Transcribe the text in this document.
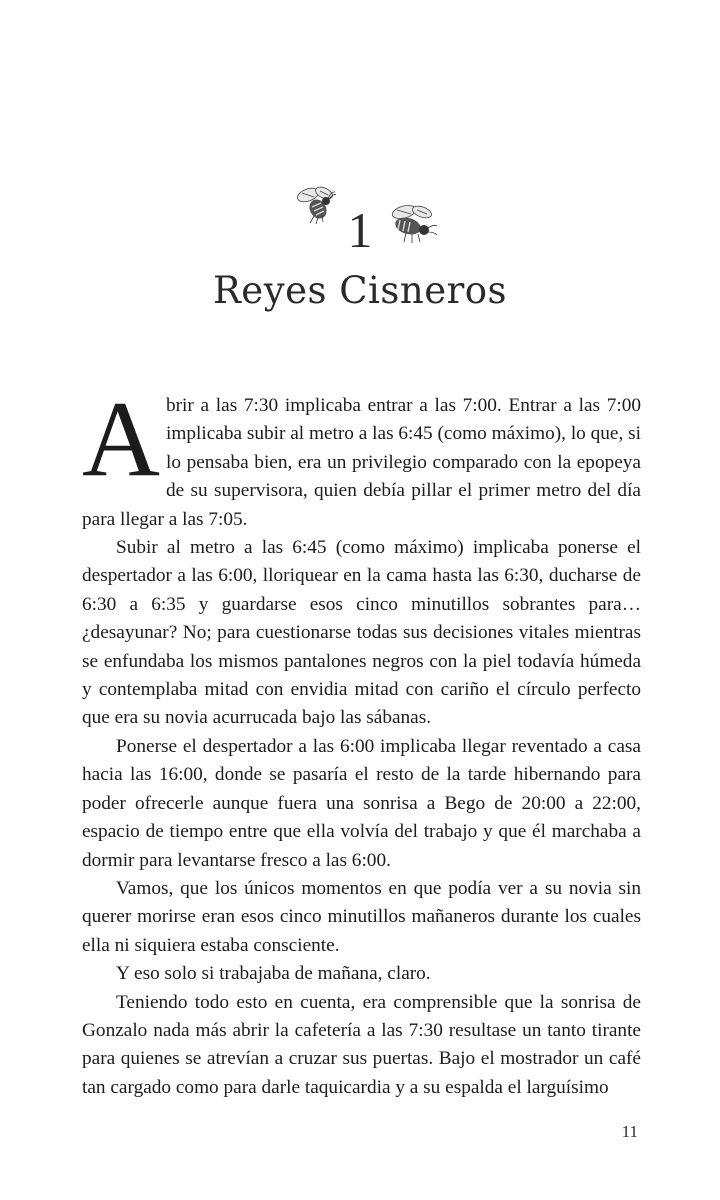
1
Reyes Cisneros

Abrir a las 7:30 implicaba entrar a las 7:00. Entrar a las 7:00 implicaba subir al metro a las 6:45 (como máximo), lo que, si lo pensaba bien, era un privilegio comparado con la epopeya de su supervisora, quien debía pillar el primer metro del día para llegar a las 7:05.

Subir al metro a las 6:45 (como máximo) implicaba ponerse el despertador a las 6:00, lloriquear en la cama hasta las 6:30, ducharse de 6:30 a 6:35 y guardarse esos cinco minutillos sobrantes para… ¿desayunar? No; para cuestionarse todas sus decisiones vitales mientras se enfundaba los mismos pantalones negros con la piel todavía húmeda y contemplaba mitad con envidia mitad con cariño el círculo perfecto que era su novia acurrucada bajo las sábanas.

Ponerse el despertador a las 6:00 implicaba llegar reventado a casa hacia las 16:00, donde se pasaría el resto de la tarde hibernando para poder ofrecerle aunque fuera una sonrisa a Bego de 20:00 a 22:00, espacio de tiempo entre que ella volvía del trabajo y que él marchaba a dormir para levantarse fresco a las 6:00.

Vamos, que los únicos momentos en que podía ver a su novia sin querer morirse eran esos cinco minutillos mañaneros durante los cuales ella ni siquiera estaba consciente.

Y eso solo si trabajaba de mañana, claro.

Teniendo todo esto en cuenta, era comprensible que la sonrisa de Gonzalo nada más abrir la cafetería a las 7:30 resultase un tanto tirante para quienes se atrevían a cruzar sus puertas. Bajo el mostrador un café tan cargado como para darle taquicardia y a su espalda el larguísimo

11
